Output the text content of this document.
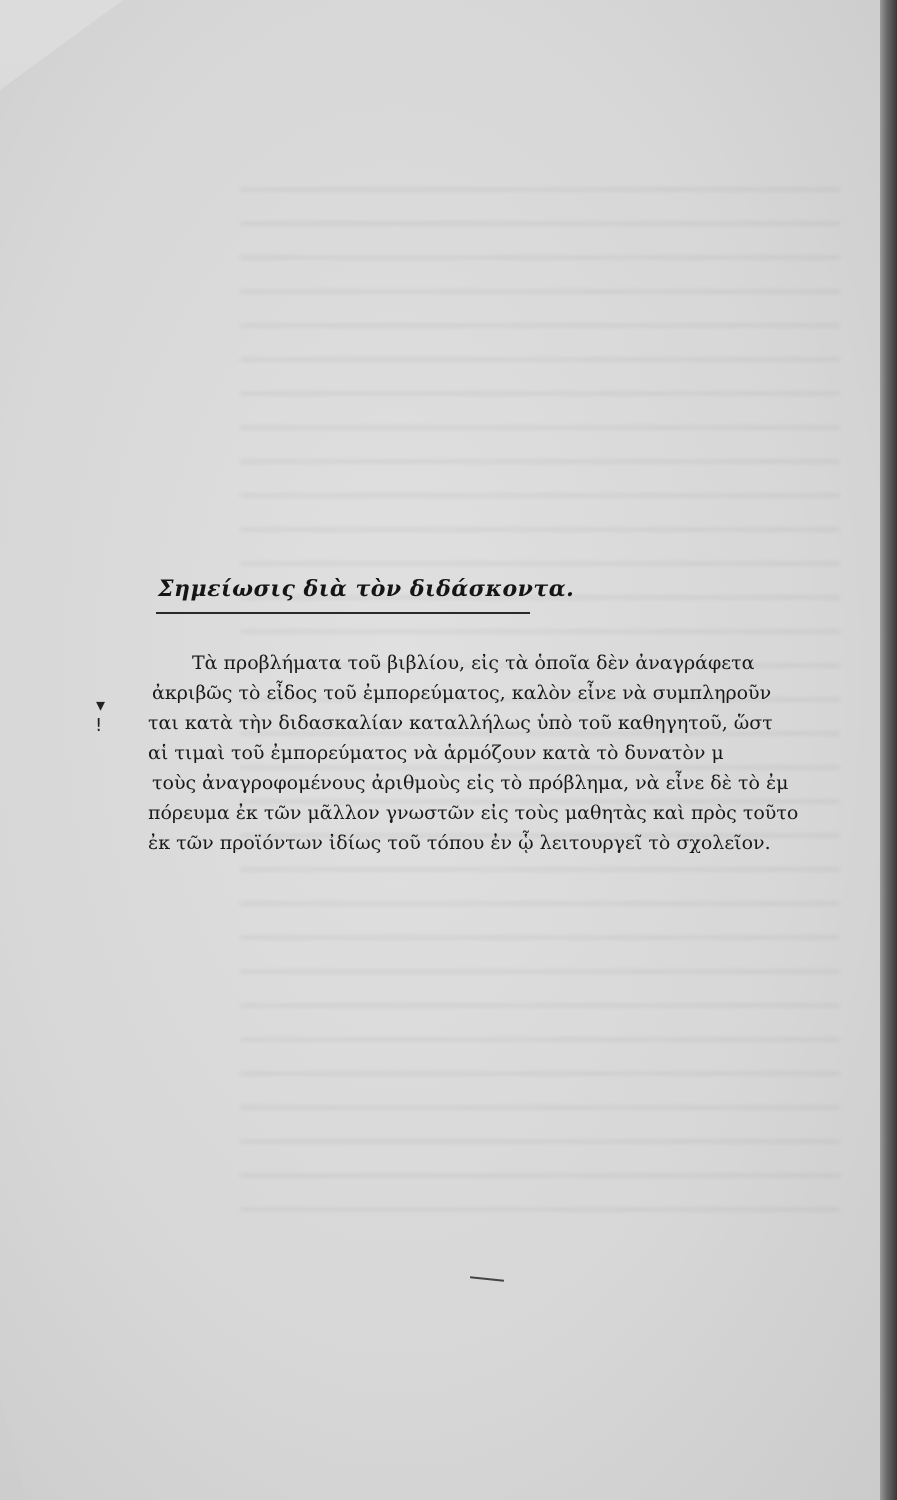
Σημείωσις διὰ τὸν διδάσκοντα.
▾
ǃ

Τὰ προβλήματα τοῦ βιβλίου, εἰς τὰ ὁποῖα δὲν ἀναγράφετα
ἀκριβῶς τὸ εἶδος τοῦ ἐμπορεύματος, καλὸν εἶνε νὰ συμπληροῦν
ται κατὰ τὴν διδασκαλίαν καταλλήλως ὑπὸ τοῦ καθηγητοῦ, ὥστ
αἱ τιμαὶ τοῦ ἐμπορεύματος νὰ ἁρμόζουν κατὰ τὸ δυνατὸν μ
τοὺς ἀναγροφομένους ἀριθμοὺς εἰς τὸ πρόβλημα, νὰ εἶνε δὲ τὸ ἐμ
πόρευμα ἐκ τῶν μᾶλλον γνωστῶν εἰς τοὺς μαθητὰς καὶ πρὸς τοῦτο
ἐκ τῶν προϊόντων ἰδίως τοῦ τόπου ἐν ᾧ λειτουργεῖ τὸ σχολεῖον.
